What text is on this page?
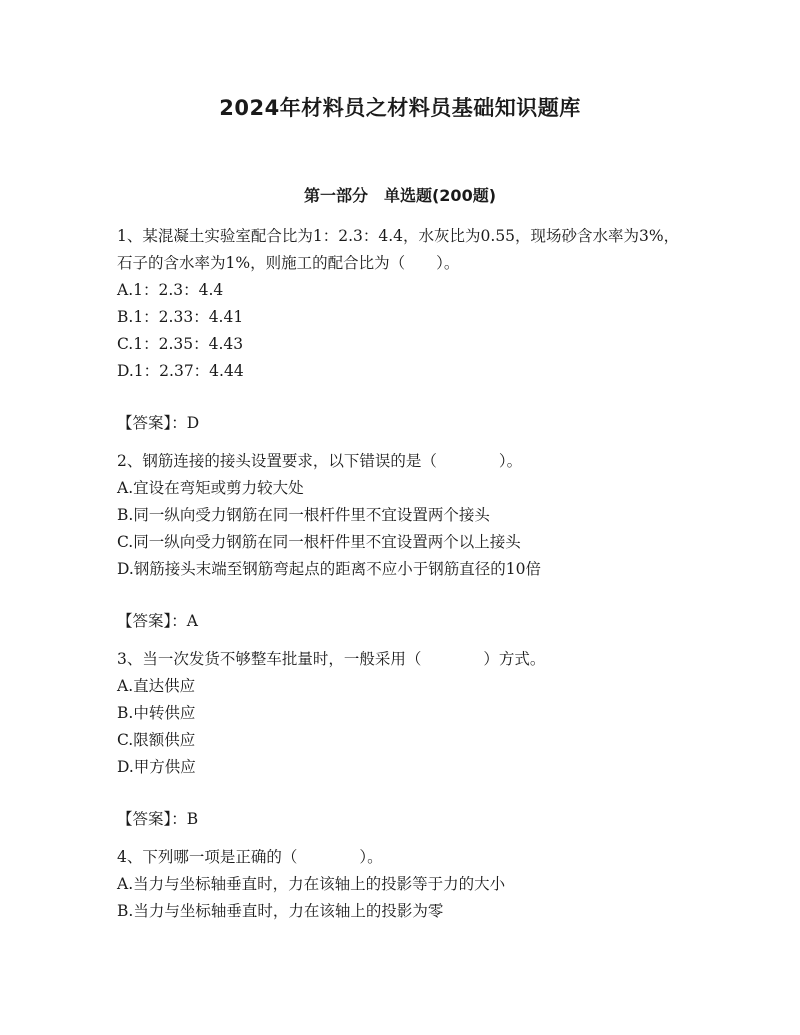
2024年材料员之材料员基础知识题库
第一部分　单选题(200题)

1、某混凝土实验室配合比为1：2.3：4.4，水灰比为0.55，现场砂含水率为3%，石子的含水率为1%，则施工的配合比为（　　）。

A.1：2.3：4.4

B.1：2.33：4.41

C.1：2.35：4.43

D.1：2.37：4.44

【答案】：D

2、钢筋连接的接头设置要求，以下错误的是（　　　　）。

A.宜设在弯矩或剪力较大处

B.同一纵向受力钢筋在同一根杆件里不宜设置两个接头

C.同一纵向受力钢筋在同一根杆件里不宜设置两个以上接头

D.钢筋接头末端至钢筋弯起点的距离不应小于钢筋直径的10倍

【答案】：A

3、当一次发货不够整车批量时，一般采用（　　　　）方式。

A.直达供应

B.中转供应

C.限额供应

D.甲方供应

【答案】：B

4、下列哪一项是正确的（　　　　）。

A.当力与坐标轴垂直时，力在该轴上的投影等于力的大小

B.当力与坐标轴垂直时，力在该轴上的投影为零
